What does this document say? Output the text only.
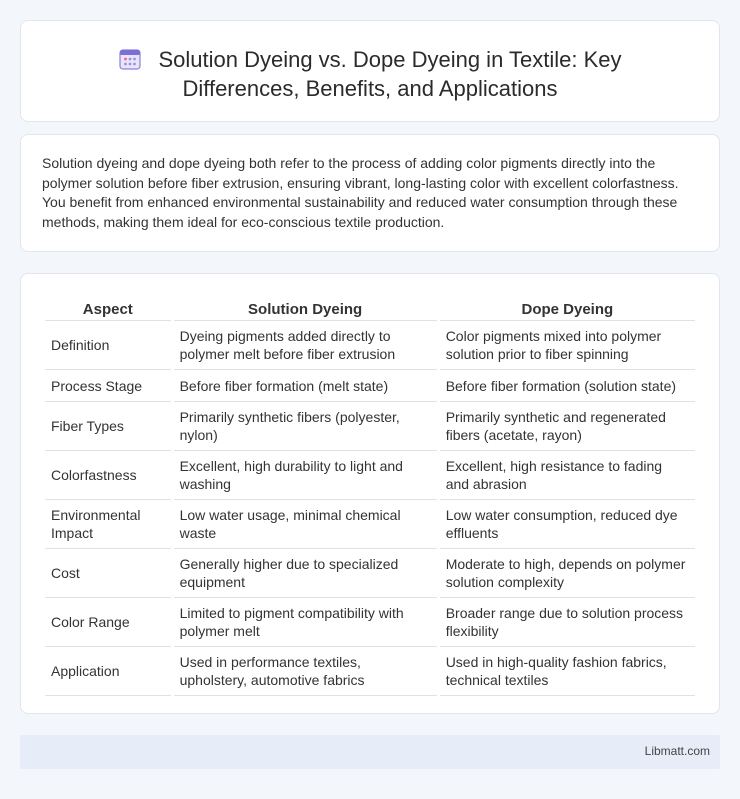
Solution Dyeing vs. Dope Dyeing in Textile: Key
Differences, Benefits, and Applications

Solution dyeing and dope dyeing both refer to the process of adding color pigments directly into the polymer solution before fiber extrusion, ensuring vibrant, long-lasting color with excellent colorfastness. You benefit from enhanced environmental sustainability and reduced water consumption through these methods, making them ideal for eco-conscious textile production.

Aspect	Solution Dyeing	Dope Dyeing
Definition	Dyeing pigments added directly to polymer melt before fiber extrusion	Color pigments mixed into polymer solution prior to fiber spinning
Process Stage	Before fiber formation (melt state)	Before fiber formation (solution state)
Fiber Types	Primarily synthetic fibers (polyester, nylon)	Primarily synthetic and regenerated fibers (acetate, rayon)
Colorfastness	Excellent, high durability to light and washing	Excellent, high resistance to fading and abrasion
Environmental Impact	Low water usage, minimal chemical waste	Low water consumption, reduced dye effluents
Cost	Generally higher due to specialized equipment	Moderate to high, depends on polymer solution complexity
Color Range	Limited to pigment compatibility with polymer melt	Broader range due to solution process flexibility
Application	Used in performance textiles, upholstery, automotive fabrics	Used in high-quality fashion fabrics, technical textiles
Libmatt.com
